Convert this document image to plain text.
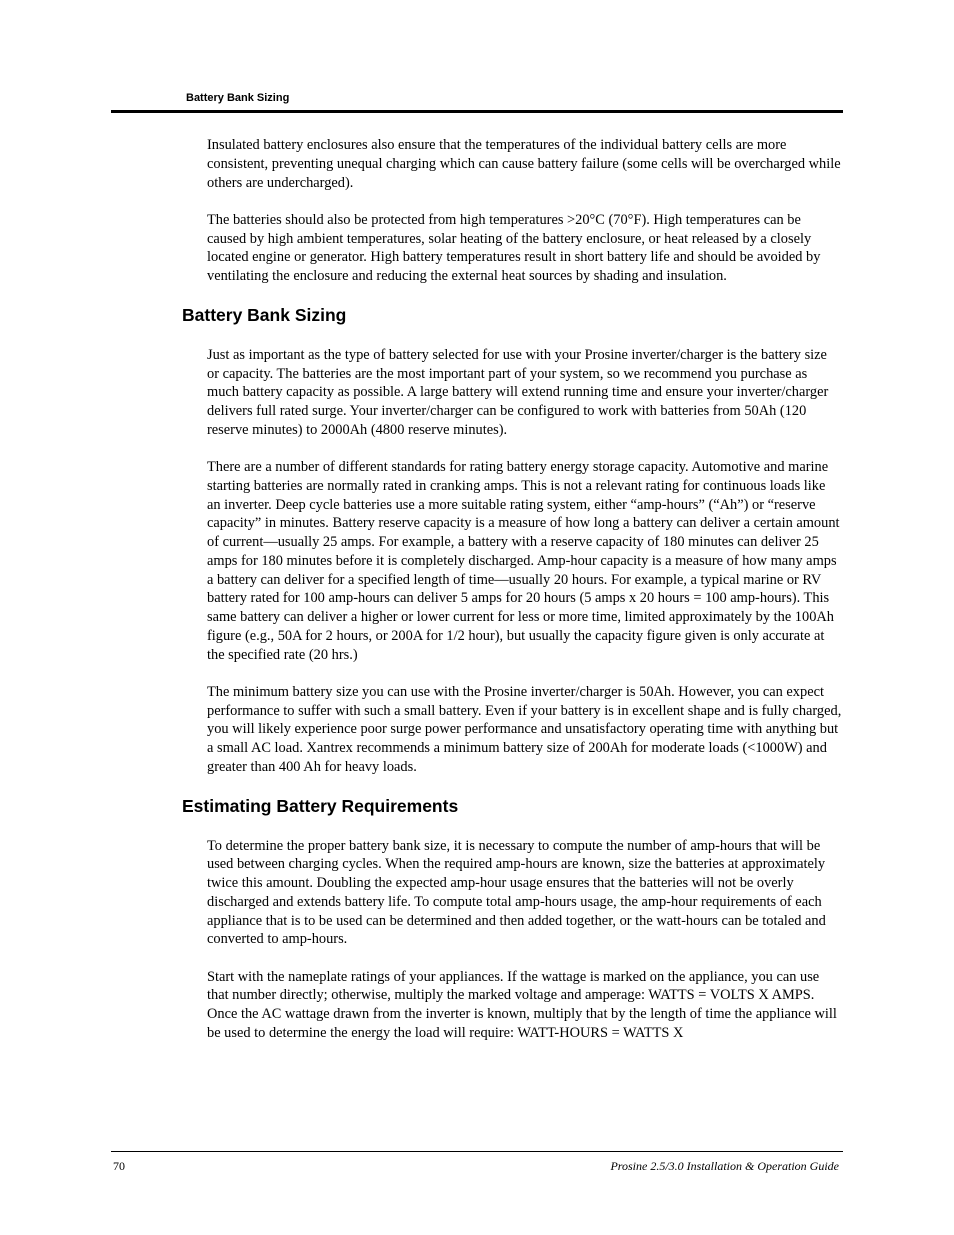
Battery Bank Sizing

Insulated battery enclosures also ensure that the temperatures of the individual battery cells are more consistent, preventing unequal charging which can cause battery failure (some cells will be overcharged while others are undercharged).

The batteries should also be protected from high temperatures >20°C (70°F). High temperatures can be caused by high ambient temperatures, solar heating of the battery enclosure, or heat released by a closely located engine or generator. High battery temperatures result in short battery life and should be avoided by ventilating the enclosure and reducing the external heat sources by shading and insulation.

Battery Bank Sizing

Just as important as the type of battery selected for use with your Prosine inverter/charger is the battery size or capacity. The batteries are the most important part of your system, so we recommend you purchase as much battery capacity as possible. A large battery will extend running time and ensure your inverter/charger delivers full rated surge. Your inverter/charger can be configured to work with batteries from 50Ah (120 reserve minutes) to 2000Ah (4800 reserve minutes).

There are a number of different standards for rating battery energy storage capacity. Automotive and marine starting batteries are normally rated in cranking amps. This is not a relevant rating for continuous loads like an inverter. Deep cycle batteries use a more suitable rating system, either “amp-hours” (“Ah”) or “reserve capacity” in minutes. Battery reserve capacity is a measure of how long a battery can deliver a certain amount of current—usually 25 amps. For example, a battery with a reserve capacity of 180 minutes can deliver 25 amps for 180 minutes before it is completely discharged. Amp-hour capacity is a measure of how many amps a battery can deliver for a specified length of time—usually 20 hours. For example, a typical marine or RV battery rated for 100 amp-hours can deliver 5 amps for 20 hours (5 amps x 20 hours = 100 amp-hours). This same battery can deliver a higher or lower current for less or more time, limited approximately by the 100Ah figure (e.g., 50A for 2 hours, or 200A for 1/2 hour), but usually the capacity figure given is only accurate at the specified rate (20 hrs.)

The minimum battery size you can use with the Prosine inverter/charger is 50Ah. However, you can expect performance to suffer with such a small battery. Even if your battery is in excellent shape and is fully charged, you will likely experience poor surge power performance and unsatisfactory operating time with anything but a small AC load. Xantrex recommends a minimum battery size of 200Ah for moderate loads (<1000W) and greater than 400 Ah for heavy loads.

Estimating Battery Requirements

To determine the proper battery bank size, it is necessary to compute the number of amp-hours that will be used between charging cycles. When the required amp-hours are known, size the batteries at approximately twice this amount. Doubling the expected amp-hour usage ensures that the batteries will not be overly discharged and extends battery life. To compute total amp-hours usage, the amp-hour requirements of each appliance that is to be used can be determined and then added together, or the watt-hours can be totaled and converted to amp-hours.

Start with the nameplate ratings of your appliances. If the wattage is marked on the appliance, you can use that number directly; otherwise, multiply the marked voltage and amperage: WATTS = VOLTS X AMPS. Once the AC wattage drawn from the inverter is known, multiply that by the length of time the appliance will be used to determine the energy the load will require: WATT-HOURS = WATTS X

70	Prosine 2.5/3.0 Installation & Operation Guide
